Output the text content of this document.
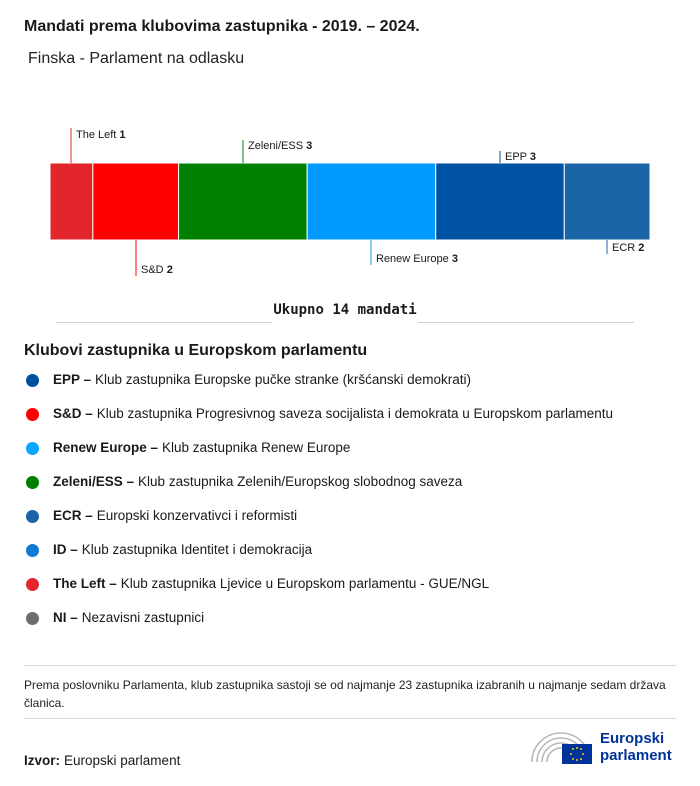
Mandati prema klubovima zastupnika - 2019. – 2024.
Finska - Parlament na odlasku
The Left 1
S&D 2
Zeleni/ESS 3
Renew Europe 3
EPP 3
ECR 2
Ukupno 14 mandati
Klubovi zastupnika u Europskom parlamentu
EPP – Klub zastupnika Europske pučke stranke (kršćanski demokrati)
S&D – Klub zastupnika Progresivnog saveza socijalista i demokrata u Europskom parlamentu
Renew Europe – Klub zastupnika Renew Europe
Zeleni/ESS – Klub zastupnika Zelenih/Europskog slobodnog saveza
ECR – Europski konzervativci i reformisti
ID – Klub zastupnika Identitet i demokracija
The Left – Klub zastupnika Ljevice u Europskom parlamentu - GUE/NGL
NI – Nezavisni zastupnici
Prema poslovniku Parlamenta, klub zastupnika sastoji se od najmanje 23 zastupnika izabranih u najmanje sedam država članica.
Izvor: Europski parlament
Europski
parlament
